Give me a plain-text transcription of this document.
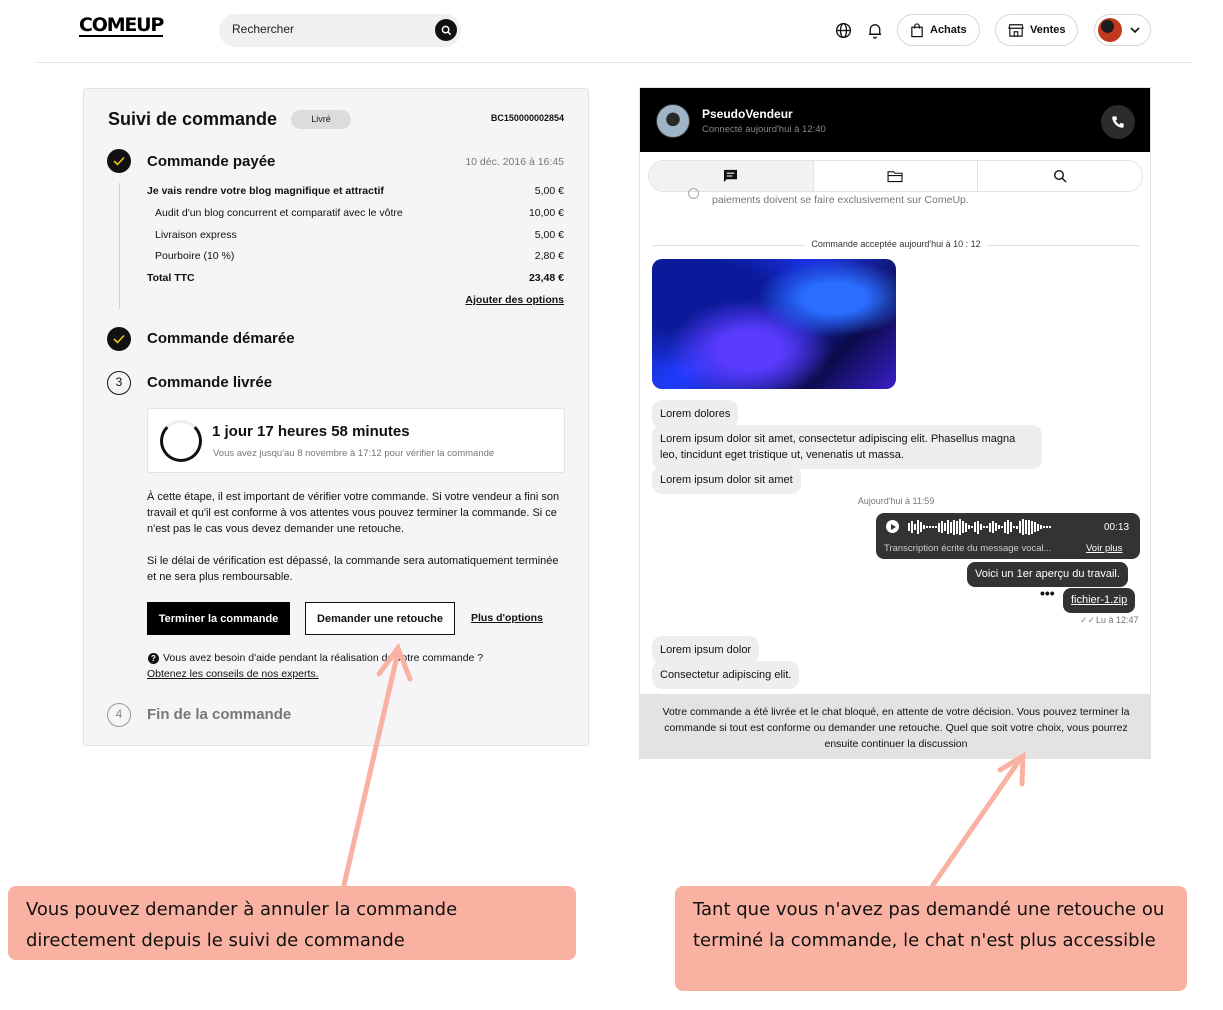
COMEUP
Rechercher	Achats	Ventes
Suivi de commande	Livré	BC150000002854
Commande payée	10 déc. 2016 à 16:45
Je vais rendre votre blog magnifique et attractif	5,00 €
Audit d'un blog concurrent et comparatif avec le vôtre	10,00 €
Livraison express	5,00 €
Pourboire (10 %)	2,80 €
Total TTC	23,48 €
Ajouter des options
Commande démarée
3	Commande livrée
1 jour 17 heures 58 minutes
Vous avez jusqu'au 8 novembre à 17:12 pour vérifier la commande
À cette étape, il est important de vérifier votre commande. Si votre vendeur a fini son travail et qu'il est conforme à vos attentes vous pouvez terminer la commande. Si ce n'est pas le cas vous devez demander une retouche.
Si le délai de vérification est dépassé, la commande sera automatiquement terminée et ne sera plus remboursable.
Terminer la commande	Demander une retouche	Plus d'options
? Vous avez besoin d'aide pendant la réalisation de votre commande ?
Obtenez les conseils de nos experts.
4	Fin de la commande
PseudoVendeur
Connecté aujourd'hui à 12:40
paiements doivent se faire exclusivement sur ComeUp.
Commande acceptée aujourd'hui à 10 : 12
Lorem dolores
Lorem ipsum dolor sit amet, consectetur adipiscing elit. Phasellus magna leo, tincidunt eget tristique ut, venenatis ut massa.
Lorem ipsum dolor sit amet
Aujourd'hui à 11:59
00:13
Transcription écrite du message vocal...	Voir plus
Voici un 1er aperçu du travail.
•••	fichier-1.zip
✓✓ Lu à 12:47
Lorem ipsum dolor
Consectetur adipiscing elit.
Votre commande a été livrée et le chat bloqué, en attente de votre décision. Vous pouvez terminer la commande si tout est conforme ou demander une retouche. Quel que soit votre choix, vous pourrez ensuite continuer la discussion
Vous pouvez demander à annuler la commande directement depuis le suivi de commande
Tant que vous n'avez pas demandé une retouche ou terminé la commande, le chat n'est plus accessible
